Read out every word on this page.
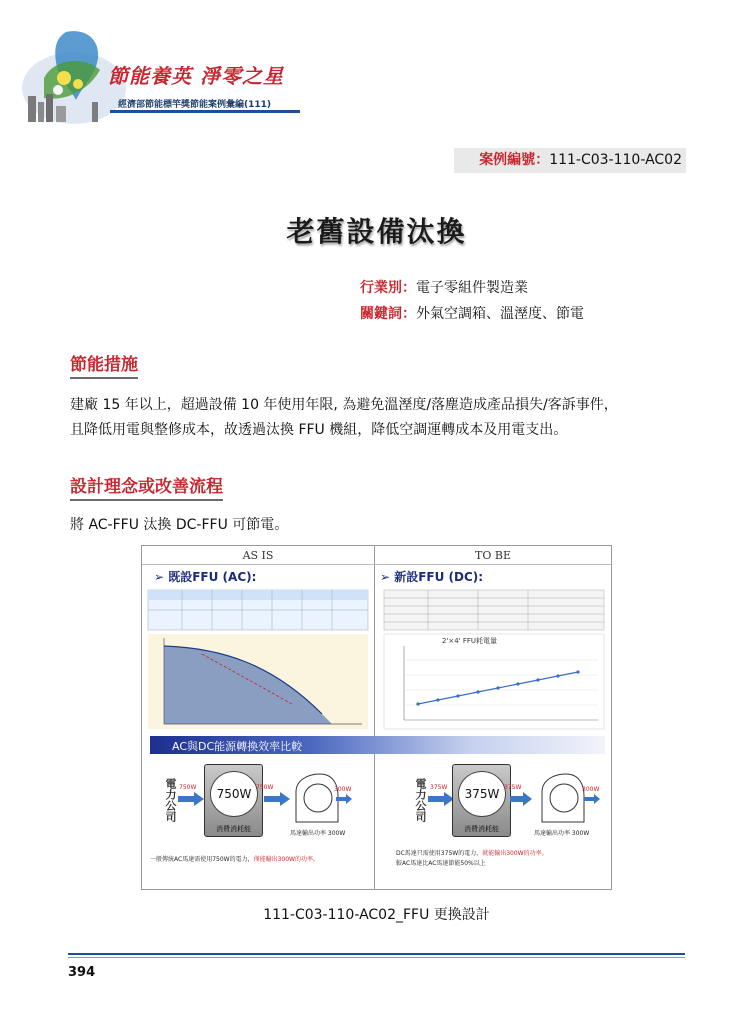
節能養英 淨零之星
經濟部節能標竿獎節能案例彙編(111)
案例編號：111-C03-110-AC02
老舊設備汰換
行業別：電子零組件製造業
關鍵詞：外氣空調箱、溫溼度、節電
節能措施
建廠 15 年以上，超過設備 10 年使用年限, 為避免溫溼度/落塵造成產品損失/客訴事件，
且降低用電與整修成本，故透過汰換 FFU 機組，降低空調運轉成本及用電支出。
設計理念或改善流程
將 AC-FFU 汰換 DC-FFU 可節電。
AS IS	TO BE
➢ 既設FFU (AC):	➢ 新設FFU (DC):
2'×4' FFU耗電量
AC與DC能源轉換效率比較
電力公司 750W	750W
消費消耗能
750W	300W
馬達輸出功率 300W
一般傳統AC馬達需使用750W的電力，僅能輸出300W的功率。
電力公司 375W	375W
消費消耗能
375W	300W
馬達輸出功率 300W
DC馬達只需使用375W的電力，就能輸出300W的功率。
較AC馬達比AC馬達節能50%以上
111-C03-110-AC02_FFU 更換設計
394
